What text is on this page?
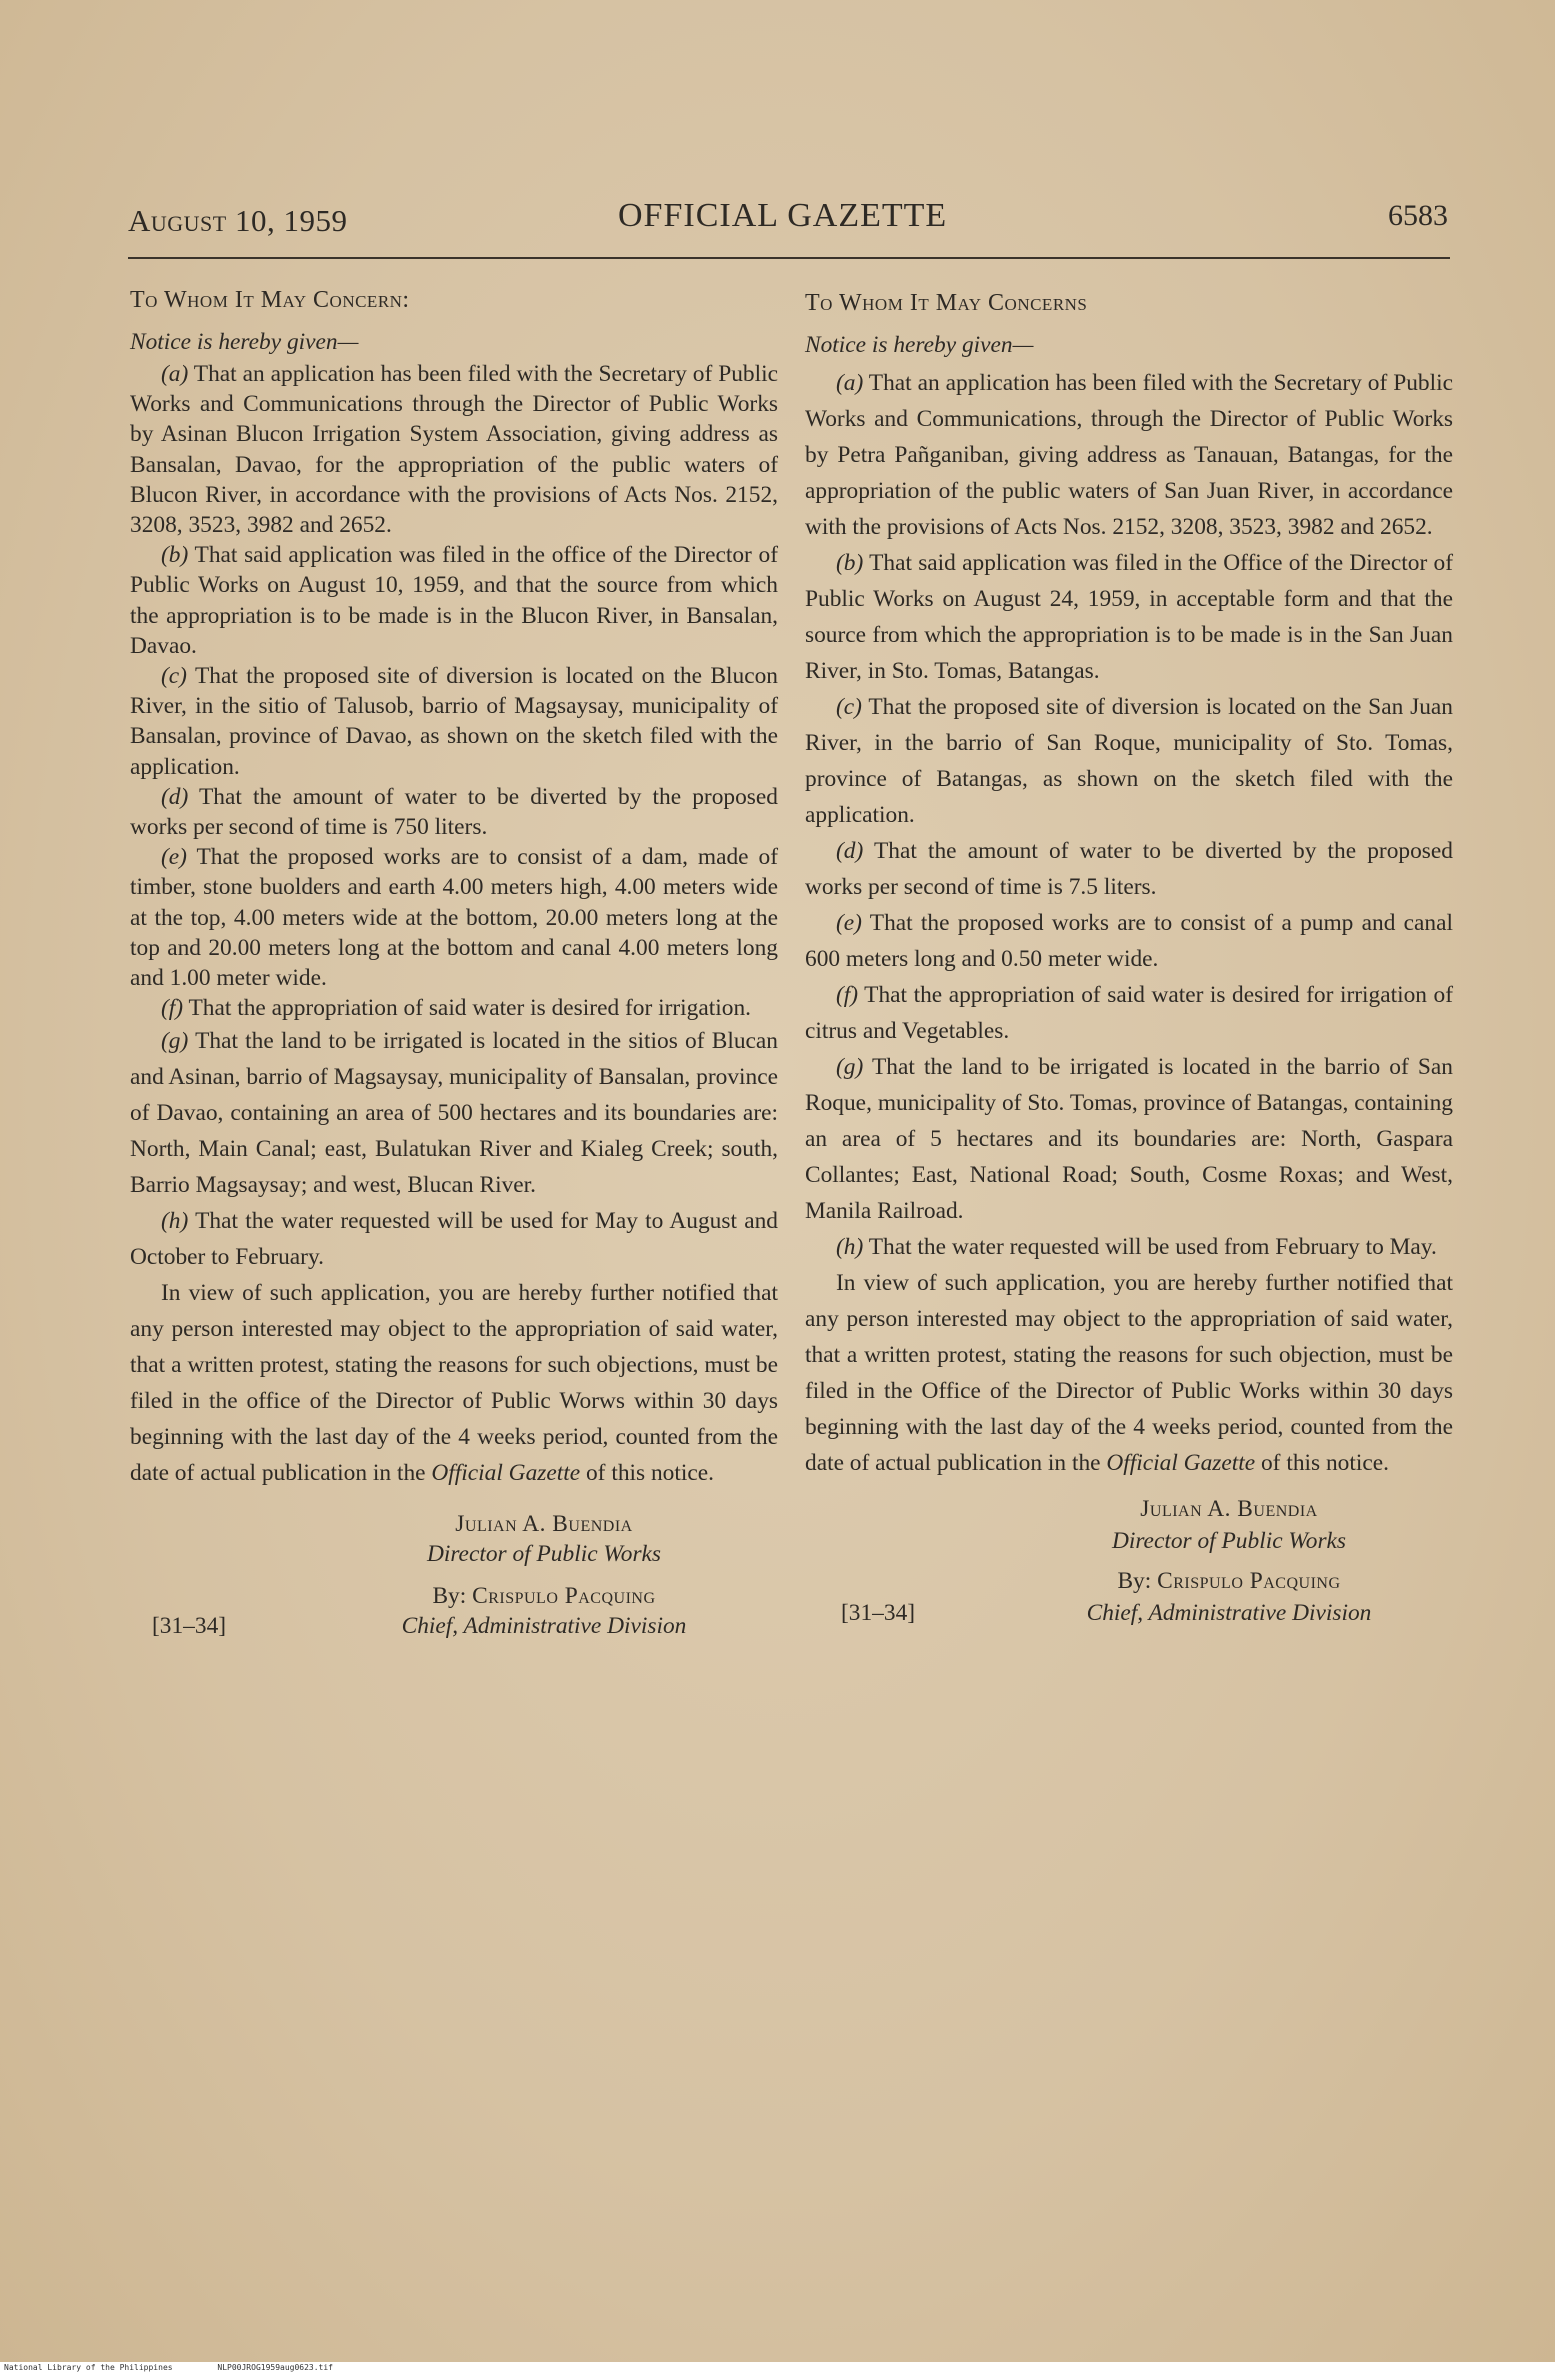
August 10, 1959	OFFICIAL GAZETTE	6583
To Whom It May Concern:
Notice is hereby given—

(a) That an application has been filed with the Secretary of Public Works and Communications through the Director of Public Works by Asinan Blucon Irrigation System Association, giving address as Bansalan, Davao, for the appropriation of the public waters of Blucon River, in accordance with the provisions of Acts Nos. 2152, 3208, 3523, 3982 and 2652.

(b) That said application was filed in the office of the Director of Public Works on August 10, 1959, and that the source from which the appropriation is to be made is in the Blucon River, in Bansalan, Davao.

(c) That the proposed site of diversion is located on the Blucon River, in the sitio of Talusob, barrio of Magsaysay, municipality of Bansalan, province of Davao, as shown on the sketch filed with the application.

(d) That the amount of water to be diverted by the proposed works per second of time is 750 liters.

(e) That the proposed works are to consist of a dam, made of timber, stone buolders and earth 4.00 meters high, 4.00 meters wide at the top, 4.00 meters wide at the bottom, 20.00 meters long at the top and 20.00 meters long at the bottom and canal 4.00 meters long and 1.00 meter wide.

(f) That the appropriation of said water is desired for irrigation.

(g) That the land to be irrigated is located in the sitios of Blucan and Asinan, barrio of Magsaysay, municipality of Bansalan, province of Davao, containing an area of 500 hectares and its boundaries are: North, Main Canal; east, Bulatukan River and Kialeg Creek; south, Barrio Magsaysay; and west, Blucan River.

(h) That the water requested will be used for May to August and October to February.

In view of such application, you are hereby further notified that any person interested may object to the appropriation of said water, that a written protest, stating the reasons for such objections, must be filed in the office of the Director of Public Worws within 30 days beginning with the last day of the 4 weeks period, counted from the date of actual publication in the Official Gazette of this notice.

Julian A. Buendia
Director of Public Works
By: Crispulo Pacquing
Chief, Administrative Division
[31–34]
To Whom It May Concerns
Notice is hereby given—

(a) That an application has been filed with the Secretary of Public Works and Communications, through the Director of Public Works by Petra Pañganiban, giving address as Tanauan, Batangas, for the appropriation of the public waters of San Juan River, in accordance with the provisions of Acts Nos. 2152, 3208, 3523, 3982 and 2652.

(b) That said application was filed in the Office of the Director of Public Works on August 24, 1959, in acceptable form and that the source from which the appropriation is to be made is in the San Juan River, in Sto. Tomas, Batangas.

(c) That the proposed site of diversion is located on the San Juan River, in the barrio of San Roque, municipality of Sto. Tomas, province of Batangas, as shown on the sketch filed with the application.

(d) That the amount of water to be diverted by the proposed works per second of time is 7.5 liters.

(e) That the proposed works are to consist of a pump and canal 600 meters long and 0.50 meter wide.

(f) That the appropriation of said water is desired for irrigation of citrus and Vegetables.

(g) That the land to be irrigated is located in the barrio of San Roque, municipality of Sto. Tomas, province of Batangas, containing an area of 5 hectares and its boundaries are: North, Gaspara Collantes; East, National Road; South, Cosme Roxas; and West, Manila Railroad.

(h) That the water requested will be used from February to May.

In view of such application, you are hereby further notified that any person interested may object to the appropriation of said water, that a written protest, stating the reasons for such objection, must be filed in the Office of the Director of Public Works within 30 days beginning with the last day of the 4 weeks period, counted from the date of actual publication in the Official Gazette of this notice.

Julian A. Buendia
Director of Public Works
By: Crispulo Pacquing
Chief, Administrative Division
[31–34]
National Library of the Philippines	NLP00JROG1959aug0623.tif
